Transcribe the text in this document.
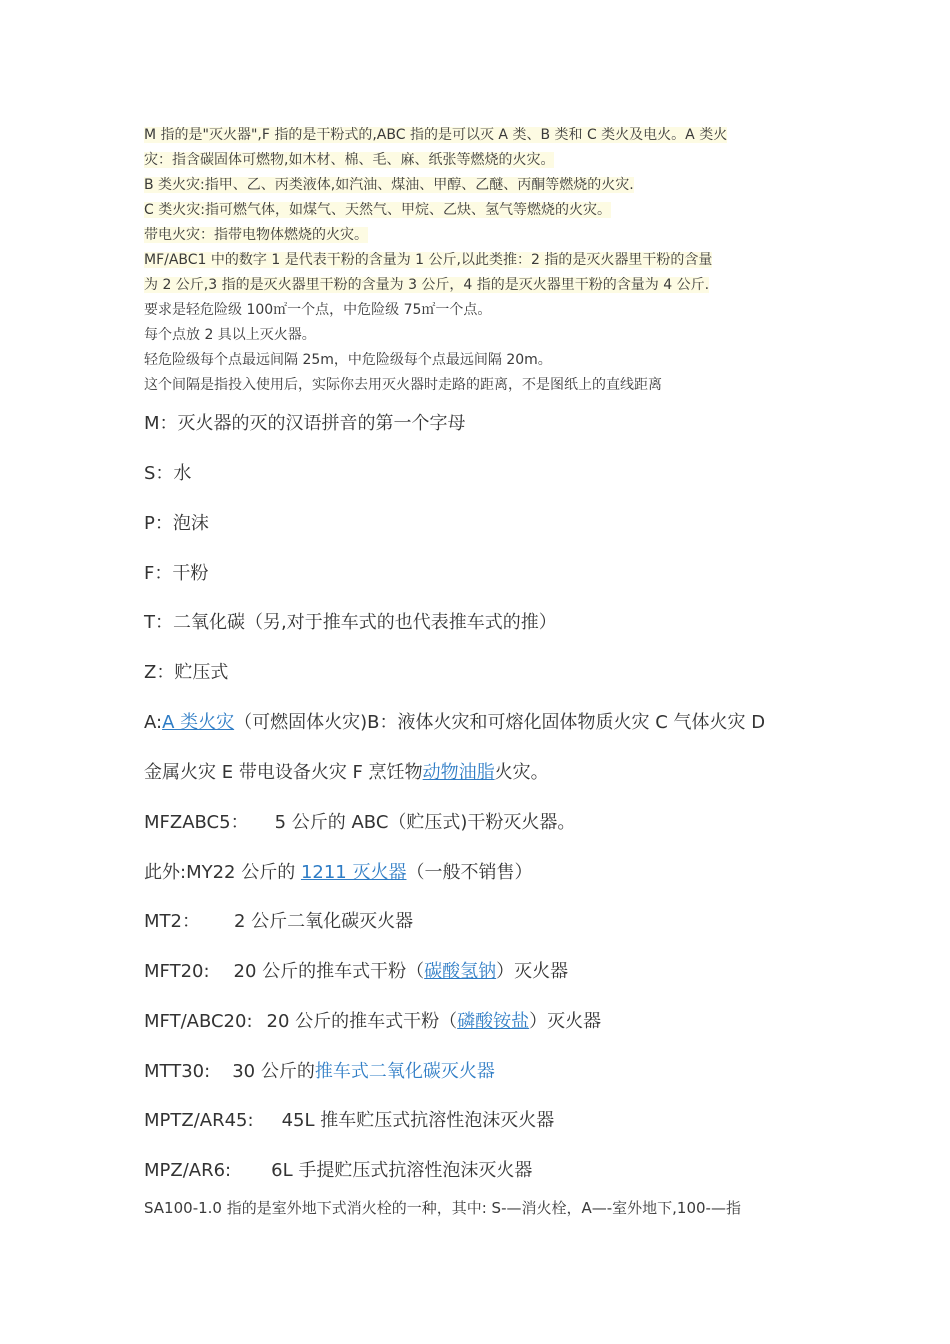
M 指的是"灭火器",F 指的是干粉式的,ABC 指的是可以灭 A 类、B 类和 C 类火及电火。A 类火
灾：指含碳固体可燃物,如木材、棉、毛、麻、纸张等燃烧的火灾。
B 类火灾:指甲、乙、丙类液体,如汽油、煤油、甲醇、乙醚、丙酮等燃烧的火灾.
C 类火灾:指可燃气体，如煤气、天然气、甲烷、乙炔、氢气等燃烧的火灾。
带电火灾：指带电物体燃烧的火灾。
MF/ABC1 中的数字 1 是代表干粉的含量为 1 公斤,以此类推：2 指的是灭火器里干粉的含量
为 2 公斤,3 指的是灭火器里干粉的含量为 3 公斤，4 指的是灭火器里干粉的含量为 4 公斤.
要求是轻危险级 100㎡一个点，中危险级 75㎡一个点。
每个点放 2 具以上灭火器。
轻危险级每个点最远间隔 25m，中危险级每个点最远间隔 20m。
这个间隔是指投入使用后，实际你去用灭火器时走路的距离，不是图纸上的直线距离
M：灭火器的灭的汉语拼音的第一个字母
S：水
P：泡沫
F：干粉
T：二氧化碳（另,对于推车式的也代表推车式的推）
Z：贮压式
A:A 类火灾（可燃固体火灾)B：液体火灾和可熔化固体物质火灾 C 气体火灾 D
金属火灾 E 带电设备火灾 F 烹饪物动物油脂火灾。
MFZABC5： 5 公斤的 ABC（贮压式)干粉灭火器。
此外:MY22 公斤的 1211 灭火器（一般不销售）
MT2： 2 公斤二氧化碳灭火器
MFT20: 20 公斤的推车式干粉（碳酸氢钠）灭火器
MFT/ABC20: 20 公斤的推车式干粉（磷酸铵盐）灭火器
MTT30: 30 公斤的推车式二氧化碳灭火器
MPTZ/AR45: 45L 推车贮压式抗溶性泡沫灭火器
MPZ/AR6: 6L 手提贮压式抗溶性泡沫灭火器
SA100-1.0 指的是室外地下式消火栓的一种，其中: S-—消火栓，A—-室外地下,100-—指
